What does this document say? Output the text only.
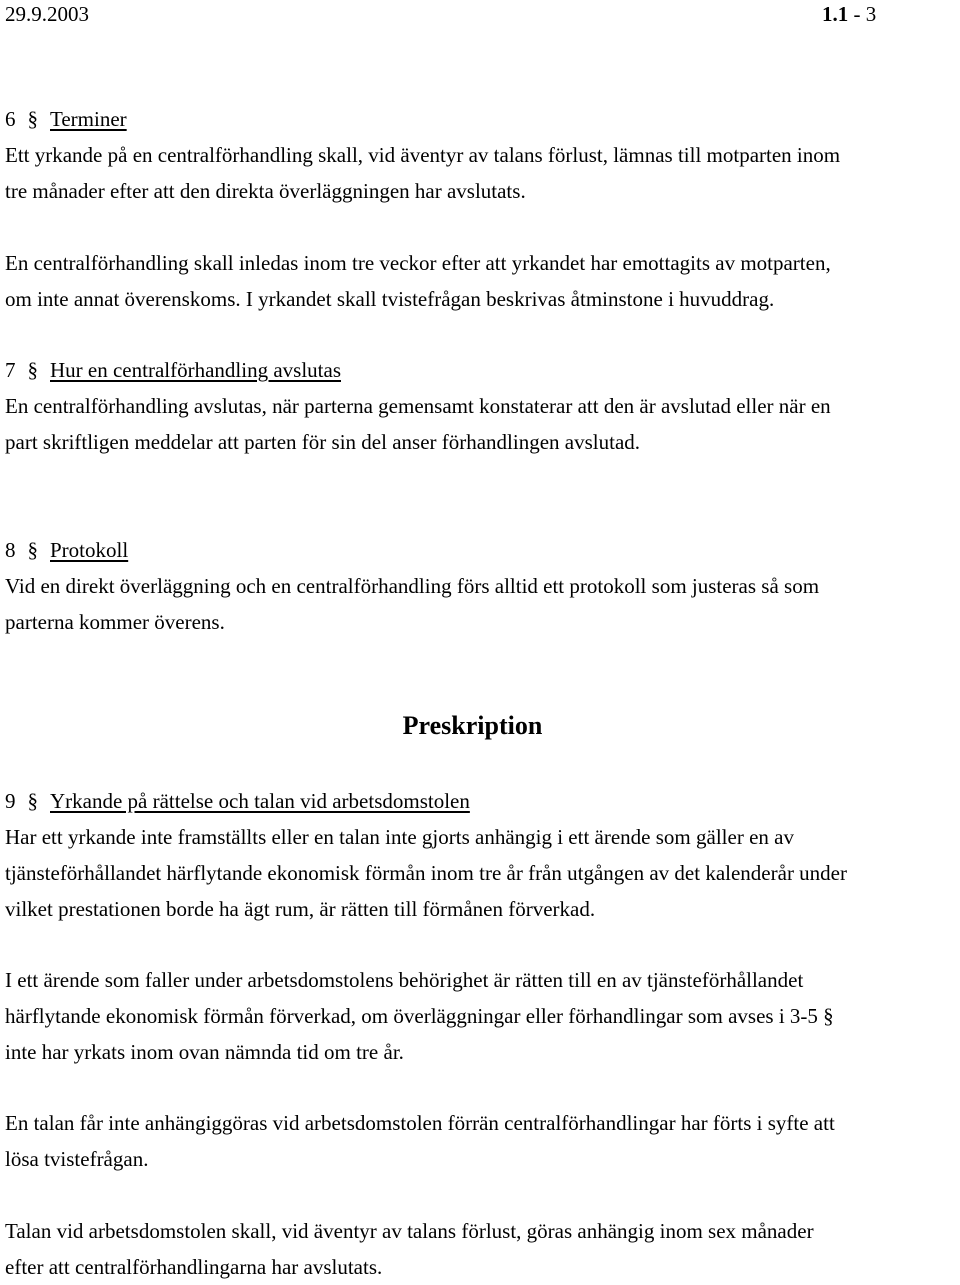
29.9.2003	1.1 - 3
6 § Terminer
Ett yrkande på en centralförhandling skall, vid äventyr av talans förlust, lämnas till motparten inom
tre månader efter att den direkta överläggningen har avslutats.
En centralförhandling skall inledas inom tre veckor efter att yrkandet har emottagits av motparten,
om inte annat överenskoms. I yrkandet skall tvistefrågan beskrivas åtminstone i huvuddrag.
7 § Hur en centralförhandling avslutas
En centralförhandling avslutas, när parterna gemensamt konstaterar att den är avslutad eller när en
part skriftligen meddelar att parten för sin del anser förhandlingen avslutad.
8 § Protokoll
Vid en direkt överläggning och en centralförhandling förs alltid ett protokoll som justeras så som
parterna kommer överens.
Preskription
9 § Yrkande på rättelse och talan vid arbetsdomstolen
Har ett yrkande inte framställts eller en talan inte gjorts anhängig i ett ärende som gäller en av
tjänsteförhållandet härflytande ekonomisk förmån inom tre år från utgången av det kalenderår under
vilket prestationen borde ha ägt rum, är rätten till förmånen förverkad.
I ett ärende som faller under arbetsdomstolens behörighet är rätten till en av tjänsteförhållandet
härflytande ekonomisk förmån förverkad, om överläggningar eller förhandlingar som avses i 3-5 §
inte har yrkats inom ovan nämnda tid om tre år.
En talan får inte anhängiggöras vid arbetsdomstolen förrän centralförhandlingar har förts i syfte att
lösa tvistefrågan.
Talan vid arbetsdomstolen skall, vid äventyr av talans förlust, göras anhängig inom sex månader
efter att centralförhandlingarna har avslutats.
